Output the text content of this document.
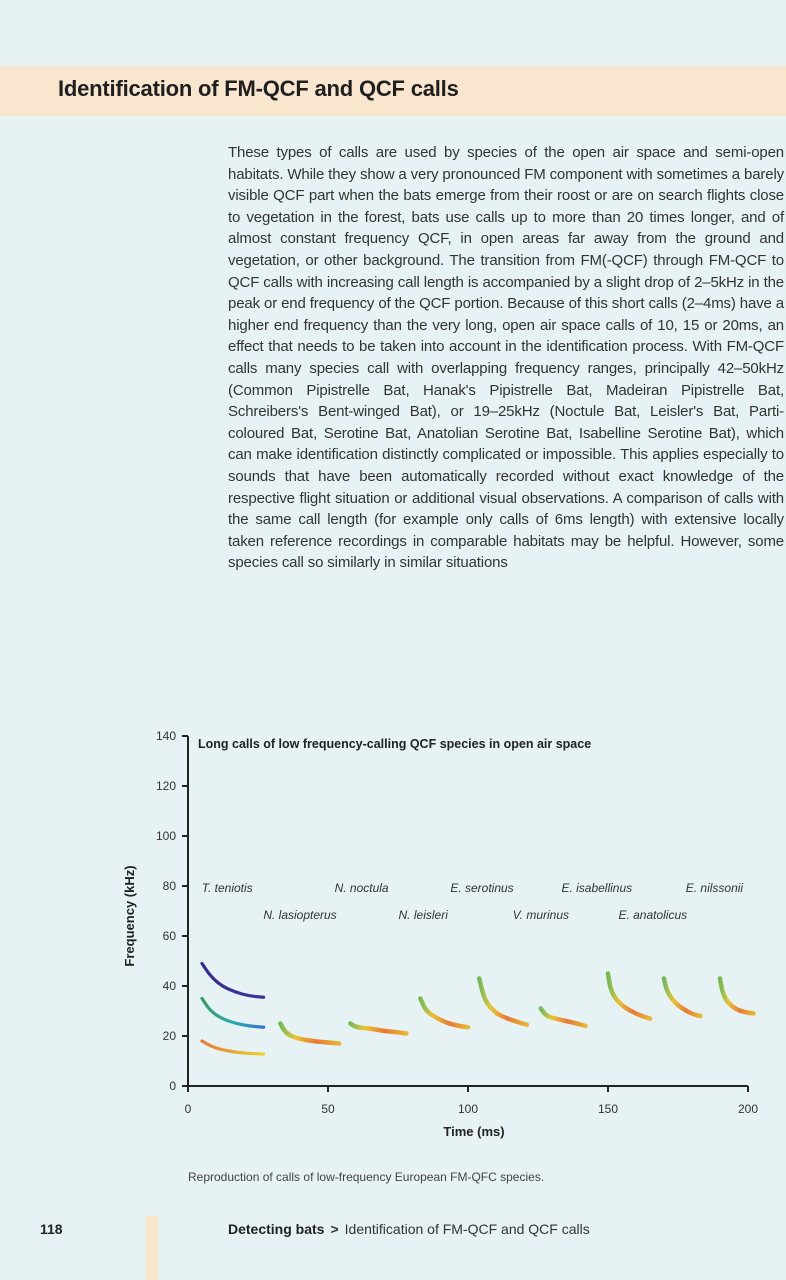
Identification of FM-QCF and QCF calls

These types of calls are used by species of the open air space and semi-open habitats. While they show a very pronounced FM component with sometimes a barely visible QCF part when the bats emerge from their roost or are on search flights close to vegetation in the forest, bats use calls up to more than 20 times longer, and of almost constant frequency QCF, in open areas far away from the ground and vegetation, or other background. The transition from FM(-QCF) through FM-QCF to QCF calls with increasing call length is accompanied by a slight drop of 2–5kHz in the peak or end frequency of the QCF portion. Because of this short calls (2–4ms) have a higher end frequency than the very long, open air space calls of 10, 15 or 20ms, an effect that needs to be taken into account in the identification process. With FM-QCF calls many species call with overlapping frequency ranges, principally 42–50kHz (Common Pipistrelle Bat, Hanak's Pipistrelle Bat, Madeiran Pipistrelle Bat, Schreibers's Bent-winged Bat), or 19–25kHz (Noctule Bat, Leisler's Bat, Parti-coloured Bat, Serotine Bat, Anatolian Serotine Bat, Isabelline Serotine Bat), which can make identification distinctly complicated or impossible. This applies especially to sounds that have been automatically recorded without exact knowledge of the respective flight situation or additional visual observations. A comparison of calls with the same call length (for example only calls of 6ms length) with extensive locally taken reference recordings in comparable habitats may be helpful. However, some species call so similarly in similar situations

0
20
40
60
80
100
120
140
0	50	100	150	200
T. teniotis	N. noctula	E. serotinus	E. isabellinus	E. nilssonii
N. lasiopterus	N. leisleri	V. murinus	E. anatolicus
Long calls of low frequency-calling QCF species in open air space
Time (ms)
Frequency (kHz)

Reproduction of calls of low-frequency European FM-QFC species.

118	Detecting bats > Identification of FM-QCF and QCF calls
